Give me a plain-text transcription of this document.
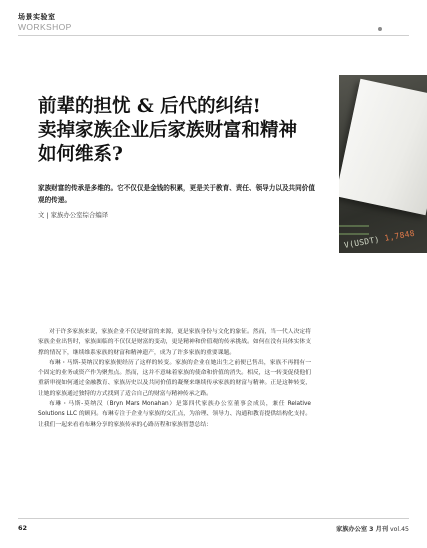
场景实验室
WORKSHOP
V(USDT) 1,7848
前辈的担忧 & 后代的纠结!
卖掉家族企业后家族财富和精神
如何维系?

家族财富的传承是多维的。它不仅仅是金钱的积累，更是关于教育、责任、领导力以及共同价值观的传递。

文 | 家族办公室综合编译

对于许多家族来说，家族企业不仅是财富的来源，更是家族身份与文化的象征。然而，当一代人决定将家族企业出售时，家族面临的不仅仅是财富的变动，更是精神和价值观的传承挑战。如何在没有具体实体支撑的情况下，继续维系家族的财富和精神遗产，成为了许多家族的重要课题。

布琳・马斯-莫纳汉的家族便经历了这样的转变。家族的企业在她出生之前便已售出，家族不再拥有一个固定的业务或资产作为聚焦点。然而，这并不意味着家族的使命和价值的消失。相反，这一转变促使他们重新审视如何通过金融教育、家族历史以及共同价值的凝聚来继续传承家族的财富与精神。正是这种转变，让她的家族通过独特的方式找到了适合自己的财富与精神传承之路。

布琳・马斯-莫纳汉（Bryn Mars Monahan）是第四代家族办公室董事会成员，兼任 Relative Solutions LLC 的顾问。布琳专注于企业与家族的交汇点，为治理、领导力、沟通和教育提供结构化支持。让我们一起来看看布琳分享的家族传承的心路历程和家族智慧总结：

62	家族办公室 3 月刊 vol.45
